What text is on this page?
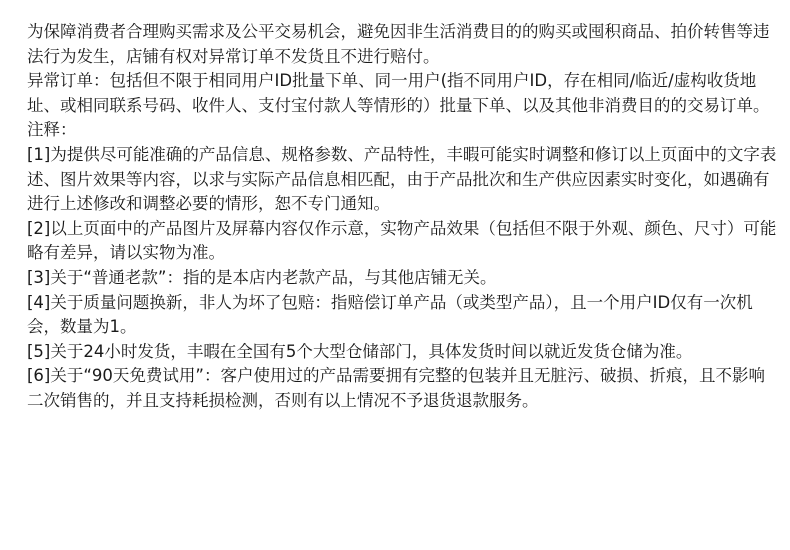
为保障消费者合理购买需求及公平交易机会，避免因非生活消费目的的购买或囤积商品、拍价转售等违法行为发生，店铺有权对异常订单不发货且不进行赔付。

异常订单：包括但不限于相同用户ID批量下单、同一用户(指不同用户ID，存在相同/临近/虚构收货地址、或相同联系号码、收件人、支付宝付款人等情形的）批量下单、以及其他非消费目的的交易订单。

注释：

[1]为提供尽可能准确的产品信息、规格参数、产品特性，丰暇可能实时调整和修订以上页面中的文字表述、图片效果等内容，以求与实际产品信息相匹配，由于产品批次和生产供应因素实时变化，如遇确有进行上述修改和调整必要的情形，恕不专门通知。

[2]以上页面中的产品图片及屏幕内容仅作示意，实物产品效果（包括但不限于外观、颜色、尺寸）可能略有差异，请以实物为准。

[3]关于“普通老款”：指的是本店内老款产品，与其他店铺无关。

[4]关于质量问题换新，非人为坏了包赔：指赔偿订单产品（或类型产品），且一个用户ID仅有一次机会，数量为1。

[5]关于24小时发货，丰暇在全国有5个大型仓储部门，具体发货时间以就近发货仓储为准。

[6]关于“90天免费试用”：客户使用过的产品需要拥有完整的包装并且无脏污、破损、折痕，且不影响二次销售的，并且支持耗损检测，否则有以上情况不予退货退款服务。
